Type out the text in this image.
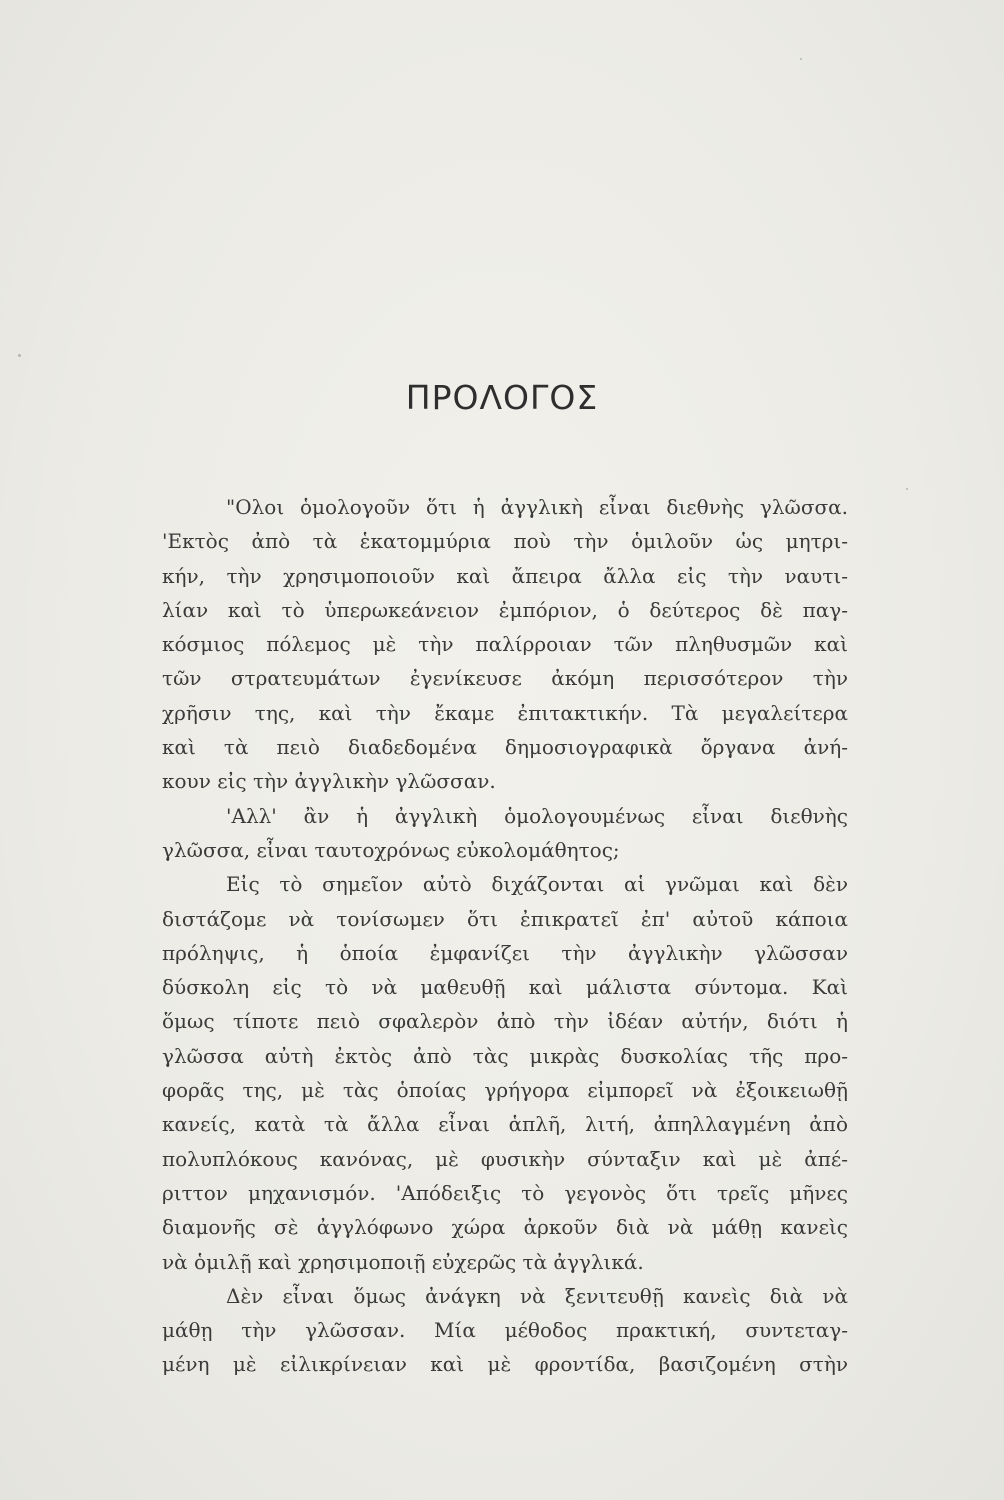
ΠΡΟΛΟΓΟΣ
"Ολοι ὁμολογοῦν ὅτι ἡ ἀγγλικὴ εἶναι διεθνὴς γλῶσσα.
'Εκτὸς ἀπὸ τὰ ἑκατομμύρια ποὺ τὴν ὁμιλοῦν ὡς μητρι-
κήν, τὴν χρησιμοποιοῦν καὶ ἄπειρα ἄλλα εἰς τὴν ναυτι-
λίαν καὶ τὸ ὑπερωκεάνειον ἐμπόριον, ὁ δεύτερος δὲ παγ-
κόσμιος πόλεμος μὲ τὴν παλίρροιαν τῶν πληθυσμῶν καὶ
τῶν στρατευμάτων ἐγενίκευσε ἀκόμη περισσότερον τὴν
χρῆσιν της, καὶ τὴν ἔκαμε ἐπιτακτικήν. Τὰ μεγαλείτερα
καὶ τὰ πειὸ διαδεδομένα δημοσιογραφικὰ ὄργανα ἀνή-
κουν εἰς τὴν ἀγγλικὴν γλῶσσαν.
'Αλλ' ἂν ἡ ἀγγλικὴ ὁμολογουμένως εἶναι διεθνὴς
γλῶσσα, εἶναι ταυτοχρόνως εὐκολομάθητος;
Εἰς τὸ σημεῖον αὐτὸ διχάζονται αἱ γνῶμαι καὶ δὲν
διστάζομε νὰ τονίσωμεν ὅτι ἐπικρατεῖ ἐπ' αὐτοῦ κάποια
πρόληψις, ἡ ὁποία ἐμφανίζει τὴν ἀγγλικὴν γλῶσσαν
δύσκολη εἰς τὸ νὰ μαθευθῇ καὶ μάλιστα σύντομα. Καὶ
ὅμως τίποτε πειὸ σφαλερὸν ἀπὸ τὴν ἰδέαν αὐτήν, διότι ἡ
γλῶσσα αὐτὴ ἐκτὸς ἀπὸ τὰς μικρὰς δυσκολίας τῆς προ-
φορᾶς της, μὲ τὰς ὁποίας γρήγορα εἰμπορεῖ νὰ ἐξοικειωθῇ
κανείς, κατὰ τὰ ἄλλα εἶναι ἁπλῆ, λιτή, ἀπηλλαγμένη ἀπὸ
πολυπλόκους κανόνας, μὲ φυσικὴν σύνταξιν καὶ μὲ ἀπέ-
ριττον μηχανισμόν. 'Απόδειξις τὸ γεγονὸς ὅτι τρεῖς μῆνες
διαμονῆς σὲ ἀγγλόφωνο χώρα ἀρκοῦν διὰ νὰ μάθῃ κανεὶς
νὰ ὁμιλῇ καὶ χρησιμοποιῇ εὐχερῶς τὰ ἀγγλικά.
Δὲν εἶναι ὅμως ἀνάγκη νὰ ξενιτευθῇ κανεὶς διὰ νὰ
μάθῃ τὴν γλῶσσαν. Μία μέθοδος πρακτική, συντεταγ-
μένη μὲ εἰλικρίνειαν καὶ μὲ φροντίδα, βασιζομένη στὴν
